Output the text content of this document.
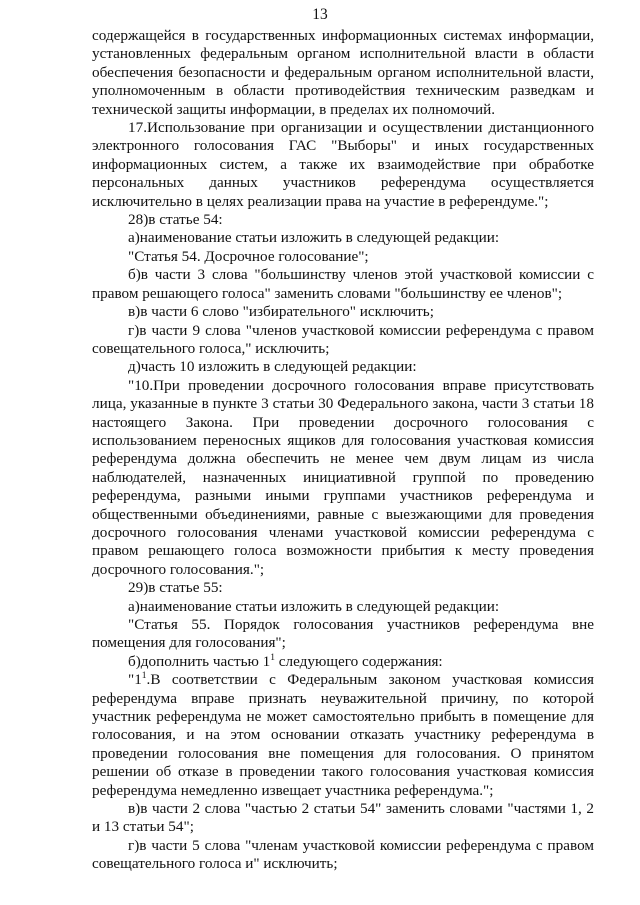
13

содержащейся в государственных информационных системах информации, установленных федеральным органом исполнительной власти в области обеспечения безопасности и федеральным органом исполнительной власти, уполномоченным в области противодействия техническим разведкам и технической защиты информации, в пределах их полномочий.

17.Использование при организации и осуществлении дистанционного электронного голосования ГАС "Выборы" и иных государственных информационных систем, а также их взаимодействие при обработке персональных данных участников референдума осуществляется исключительно в целях реализации права на участие в референдуме.";

28)в статье 54:

а)наименование статьи изложить в следующей редакции:

"Статья 54. Досрочное голосование";

б)в части 3 слова "большинству членов этой участковой комиссии с правом решающего голоса" заменить словами "большинству ее членов";

в)в части 6 слово "избирательного" исключить;

г)в части 9 слова "членов участковой комиссии референдума с правом совещательного голоса," исключить;

д)часть 10 изложить в следующей редакции:

"10.При проведении досрочного голосования вправе присутствовать лица, указанные в пункте 3 статьи 30 Федерального закона, части 3 статьи 18 настоящего Закона. При проведении досрочного голосования с использованием переносных ящиков для голосования участковая комиссия референдума должна обеспечить не менее чем двум лицам из числа наблюдателей, назначенных инициативной группой по проведению референдума, разными иными группами участников референдума и общественными объединениями, равные с выезжающими для проведения досрочного голосования членами участковой комиссии референдума с правом решающего голоса возможности прибытия к месту проведения досрочного голосования.";

29)в статье 55:

а)наименование статьи изложить в следующей редакции:

"Статья 55. Порядок голосования участников референдума вне помещения для голосования";

б)дополнить частью $1^1$ следующего содержания:

"$1^1.В$ соответствии с Федеральным законом участковая комиссия референдума вправе признать неуважительной причину, по которой участник референдума не может самостоятельно прибыть в помещение для голосования, и на этом основании отказать участнику референдума в проведении голосования вне помещения для голосования. О принятом решении об отказе в проведении такого голосования участковая комиссия референдума немедленно извещает участника референдума.";

в)в части 2 слова "частью 2 статьи 54" заменить словами "частями 1, 2 и 13 статьи 54";

г)в части 5 слова "членам участковой комиссии референдума с правом совещательного голоса и" исключить;
